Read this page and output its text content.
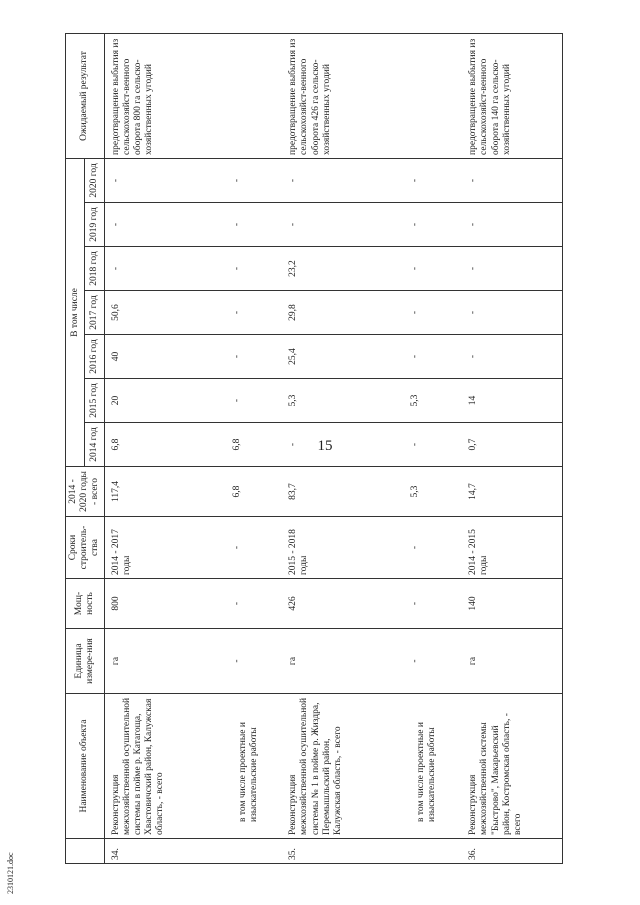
15
2310121.doc
	Наименование объекта	Единица измере-ния	Мощ-ность	Сроки строитель-ства	2014 - 2020 годы - всего	В том числе							Ожидаемый результат
						2014 год	2015 год	2016 год	2017 год	2018 год	2019 год	2020 год	
34.	Реконструкция межхозяйственной осушительной системы в пойме р. Катагоща, Хвастовичский район, Калужская область, - всего	га	800	2014 - 2017 годы	117,4	6,8	20	40	50,6	-	-	-	предотвращение выбытия из сельскохозяйст-венного оборота 800 га сельско-хозяйственных угодий
	в том числе проектные и изыскательские работы	-	-	-	6,8	6,8	-	-	-	-	-	-	
35.	Реконструкция межхозяйственной осушительной системы № 1 в пойме р. Жиздра, Перемышльский район, Калужская область, - всего	га	426	2015 - 2018 годы	83,7	-	5,3	25,4	29,8	23,2	-	-	предотвращение выбытия из сельскохозяйст-венного оборота 426 га сельско-хозяйственных угодий
	в том числе проектные и изыскательские работы	-	-	-	5,3	-	5,3	-	-	-	-	-	
36.	Реконструкция межхозяйственной системы "Быстрово", Макарьевский район, Костромская область, - всего	га	140	2014 - 2015 годы	14,7	0,7	14	-	-	-	-	-	предотвращение выбытия из сельскохозяйст-венного оборота 140 га сельско-хозяйственных угодий
